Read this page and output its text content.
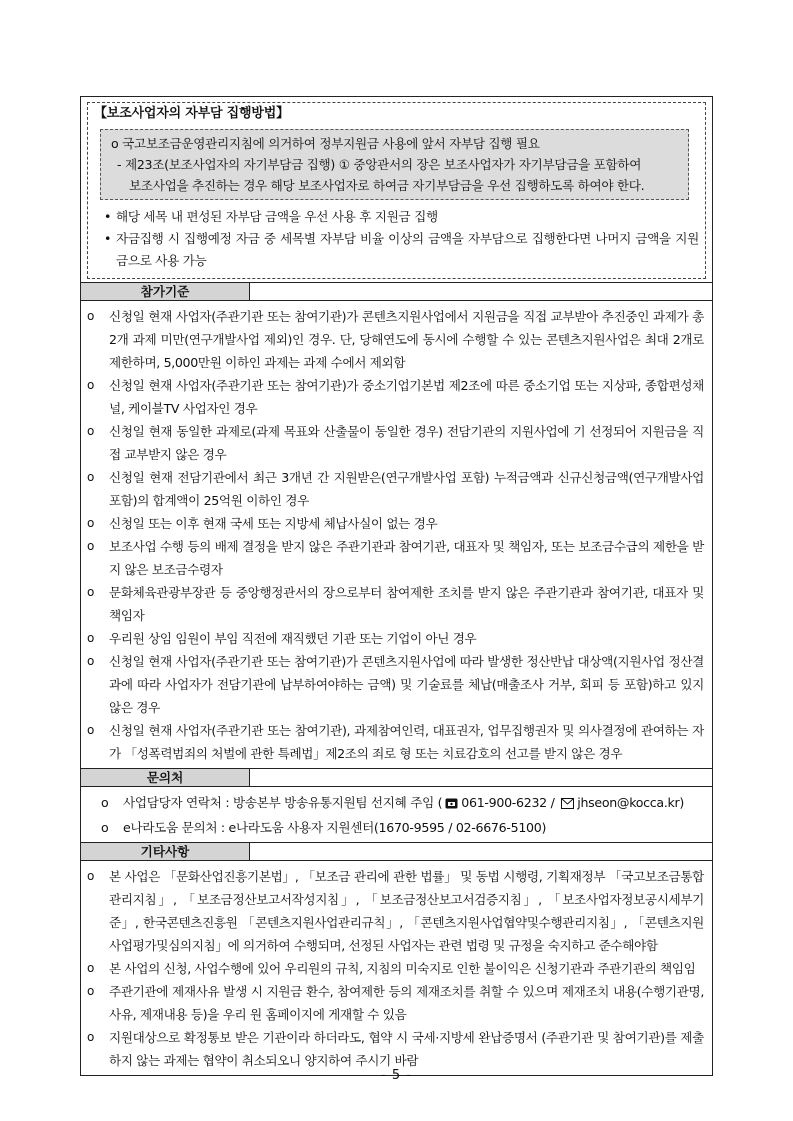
【보조사업자의 자부담 집행방법】
o 국고보조금운영관리지침에 의거하여 정부지원금 사용에 앞서 자부담 집행 필요
- 제23조(보조사업자의 자기부담금 집행) ① 중앙관서의 장은 보조사업자가 자기부담금을 포함하여
보조사업을 추진하는 경우 해당 보조사업자로 하여금 자기부담금을 우선 집행하도록 하여야 한다.
• 해당 세목 내 편성된 자부담 금액을 우선 사용 후 지원금 집행
• 자금집행 시 집행예정 자금 중 세목별 자부담 비율 이상의 금액을 자부담으로 집행한다면 나머지 금액을 지원금으로 사용 가능
참가기준
ο	신청일 현재 사업자(주관기관 또는 참여기관)가 콘텐츠지원사업에서 지원금을 직접 교부받아 추진중인 과제가 총 2개 과제 미만(연구개발사업 제외)인 경우. 단, 당해연도에 동시에 수행할 수 있는 콘텐츠지원사업은 최대 2개로 제한하며, 5,000만원 이하인 과제는 과제 수에서 제외함
ο	신청일 현재 사업자(주관기관 또는 참여기관)가 중소기업기본법 제2조에 따른 중소기업 또는 지상파, 종합편성채널, 케이블TV 사업자인 경우
ο	신청일 현재 동일한 과제로(과제 목표와 산출물이 동일한 경우) 전담기관의 지원사업에 기 선정되어 지원금을 직접 교부받지 않은 경우
ο	신청일 현재 전담기관에서 최근 3개년 간 지원받은(연구개발사업 포함) 누적금액과 신규신청금액(연구개발사업 포함)의 합계액이 25억원 이하인 경우
ο	신청일 또는 이후 현재 국세 또는 지방세 체납사실이 없는 경우
ο	보조사업 수행 등의 배제 결정을 받지 않은 주관기관과 참여기관, 대표자 및 책임자, 또는 보조금수급의 제한을 받지 않은 보조금수령자
ο	문화체육관광부장관 등 중앙행정관서의 장으로부터 참여제한 조치를 받지 않은 주관기관과 참여기관, 대표자 및 책임자
ο	우리원 상임 임원이 부임 직전에 재직했던 기관 또는 기업이 아닌 경우
ο	신청일 현재 사업자(주관기관 또는 참여기관)가 콘텐츠지원사업에 따라 발생한 정산반납 대상액(지원사업 정산결과에 따라 사업자가 전담기관에 납부하여야하는 금액) 및 기술료를 체납(매출조사 거부, 회피 등 포함)하고 있지 않은 경우
ο	신청일 현재 사업자(주관기관 또는 참여기관), 과제참여인력, 대표권자, 업무집행권자 및 의사결정에 관여하는 자가 「성폭력범죄의 처벌에 관한 특례법」제2조의 죄로 형 또는 치료감호의 선고를 받지 않은 경우
문의처
o	사업담당자 연락처 : 방송본부 방송유통지원팀 선지혜 주임 ( 061-900-6232 / jhseon@kocca.kr)
o	e나라도움 문의처 : e나라도움 사용자 지원센터(1670-9595 / 02-6676-5100)
기타사항
ο	본 사업은 「문화산업진흥기본법」, 「보조금 관리에 관한 법률」 및 동법 시행령, 기획재정부 「국고보조금통합관리지침」, 「보조금정산보고서작성지침」, 「보조금정산보고서검증지침」, 「보조사업자정보공시세부기준」, 한국콘텐츠진흥원 「콘텐츠지원사업관리규칙」, 「콘텐츠지원사업협약및수행관리지침」, 「콘텐츠지원사업평가및심의지침」에 의거하여 수행되며, 선정된 사업자는 관련 법령 및 규정을 숙지하고 준수해야함
ο	본 사업의 신청, 사업수행에 있어 우리원의 규칙, 지침의 미숙지로 인한 불이익은 신청기관과 주관기관의 책임임
ο	주관기관에 제재사유 발생 시 지원금 환수, 참여제한 등의 제재조치를 취할 수 있으며 제재조치 내용(수행기관명, 사유, 제재내용 등)을 우리 원 홈페이지에 게재할 수 있음
ο	지원대상으로 확정통보 받은 기관이라 하더라도, 협약 시 국세·지방세 완납증명서 (주관기관 및 참여기관)를 제출하지 않는 과제는 협약이 취소되오니 양지하여 주시기 바람
- 5 -
